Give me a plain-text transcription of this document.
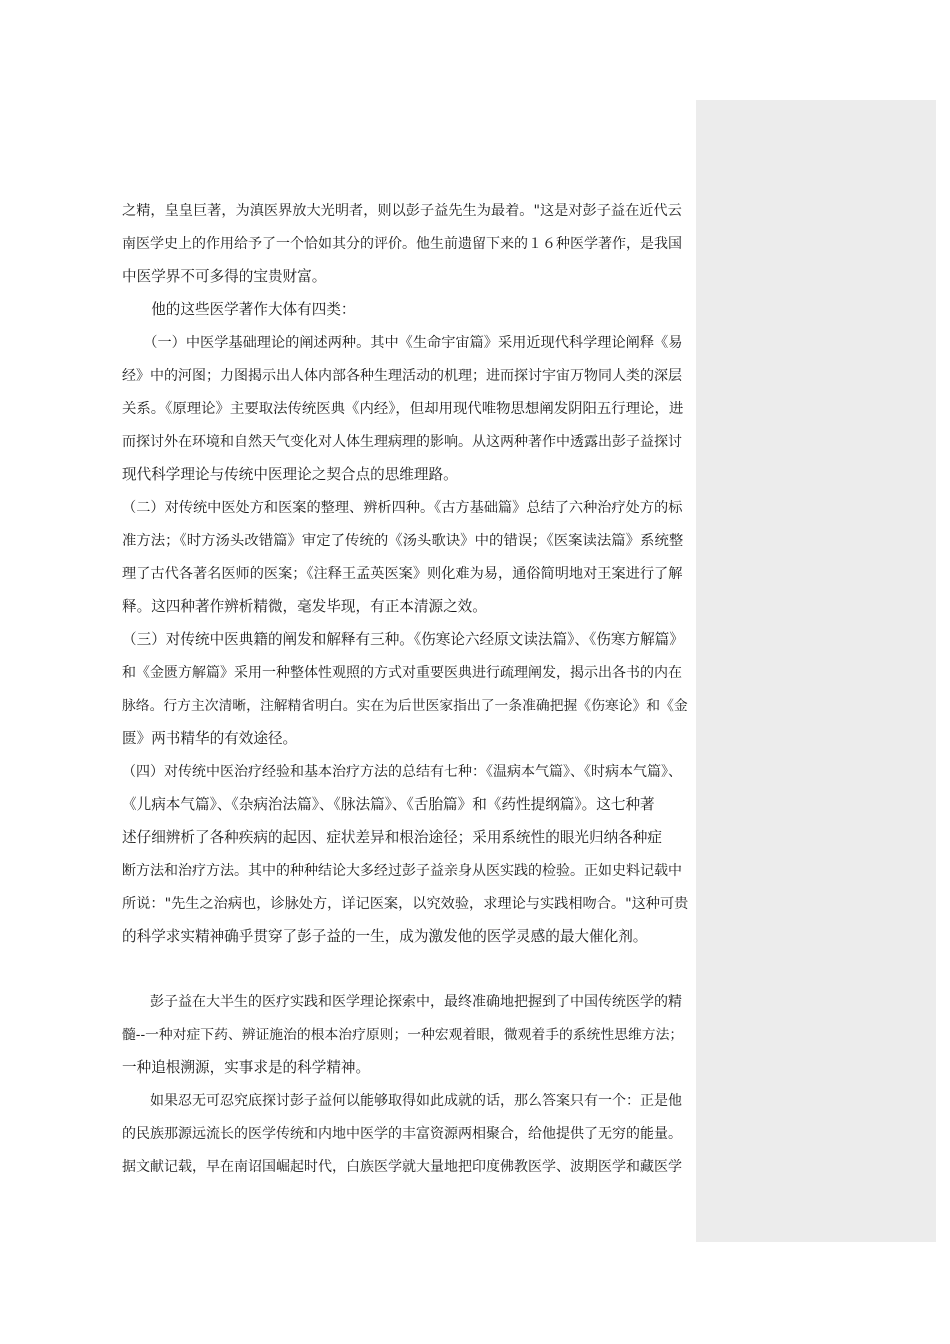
之精，皇皇巨著，为滇医界放大光明者，则以彭子益先生为最着。"这是对彭子益在近代云
南医学史上的作用给予了一个恰如其分的评价。他生前遗留下来的１６种医学著作，是我国
中医学界不可多得的宝贵财富。
　　他的这些医学著作大体有四类：
　　（一）中医学基础理论的阐述两种。其中《生命宇宙篇》采用近现代科学理论阐释《易
经》中的河图；力图揭示出人体内部各种生理活动的机理；进而探讨宇宙万物同人类的深层
关系。《原理论》主要取法传统医典《内经》，但却用现代唯物思想阐发阴阳五行理论，进
而探讨外在环境和自然天气变化对人体生理病理的影响。从这两种著作中透露出彭子益探讨
现代科学理论与传统中医理论之契合点的思维理路。
（二）对传统中医处方和医案的整理、辨析四种。《古方基础篇》总结了六种治疗处方的标
准方法；《时方汤头改错篇》审定了传统的《汤头歌诀》中的错误；《医案读法篇》系统整
理了古代各著名医师的医案；《注释王孟英医案》则化难为易，通俗简明地对王案进行了解
释。这四种著作辨析精微，毫发毕现，有正本清源之效。
（三）对传统中医典籍的阐发和解释有三种。《伤寒论六经原文读法篇》、《伤寒方解篇》
和《金匮方解篇》采用一种整体性观照的方式对重要医典进行疏理阐发，揭示出各书的内在
脉络。行方主次清晰，注解精省明白。实在为后世医家指出了一条准确把握《伤寒论》和《金
匮》两书精华的有效途径。
（四）对传统中医治疗经验和基本治疗方法的总结有七种：《温病本气篇》、《时病本气篇》、
《儿病本气篇》、《杂病治法篇》、《脉法篇》、《舌胎篇》和《药性提纲篇》。这七种著
述仔细辨析了各种疾病的起因、症状差异和根治途径；采用系统性的眼光归纳各种症
断方法和治疗方法。其中的种种结论大多经过彭子益亲身从医实践的检验。正如史料记载中
所说："先生之治病也，诊脉处方，详记医案，以究效验，求理论与实践相吻合。"这种可贵
的科学求实精神确乎贯穿了彭子益的一生，成为激发他的医学灵感的最大催化剂。
　　彭子益在大半生的医疗实践和医学理论探索中，最终准确地把握到了中国传统医学的精
髓--一种对症下药、辨证施治的根本治疗原则；一种宏观着眼，微观着手的系统性思维方法；
一种追根溯源，实事求是的科学精神。
　　如果忍无可忍究底探讨彭子益何以能够取得如此成就的话，那么答案只有一个：正是他
的民族那源远流长的医学传统和内地中医学的丰富资源两相聚合，给他提供了无穷的能量。
据文献记载，早在南诏国崛起时代，白族医学就大量地把印度佛教医学、波期医学和藏医学
